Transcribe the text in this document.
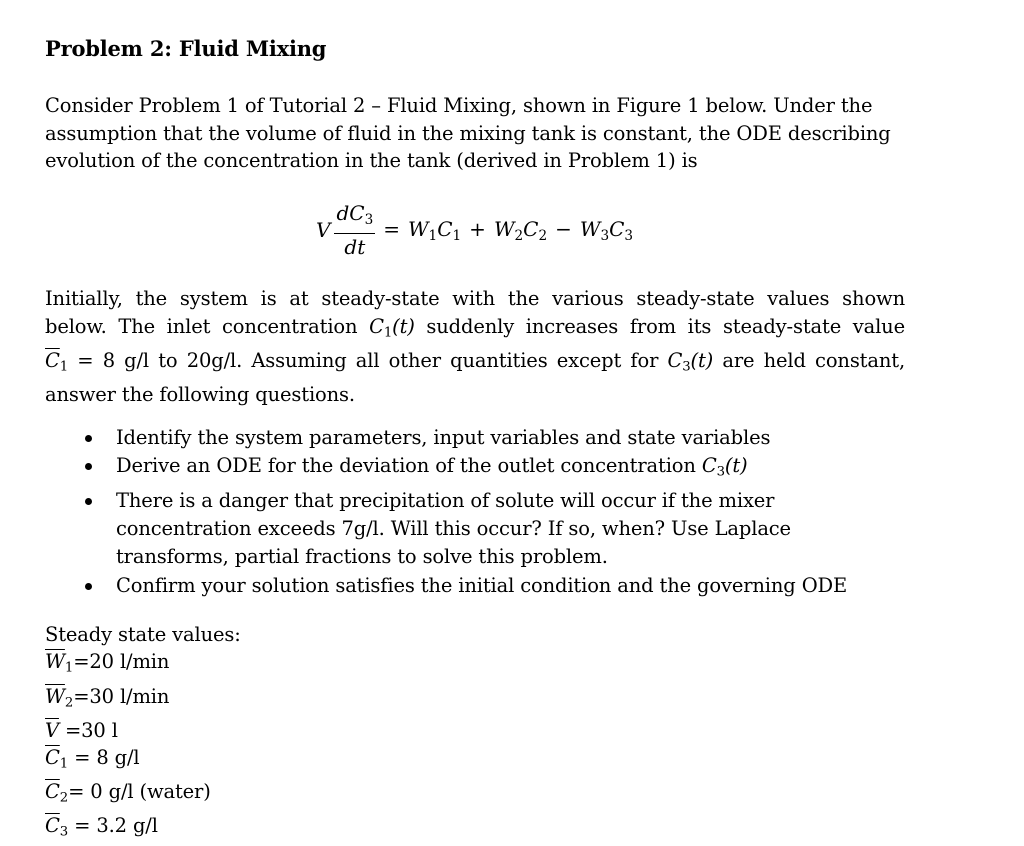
Problem 2: Fluid Mixing
Consider Problem 1 of Tutorial 2 – Fluid Mixing, shown in Figure 1 below. Under the
assumption that the volume of fluid in the mixing tank is constant, the ODE describing
evolution of the concentration in the tank (derived in Problem 1) is
V $\frac{dC_3}{dt} = W_1C_1 + W_2C_2 - W_3C_3$
Initially, the system is at steady-state with the various steady-state values shown
below. The inlet concentration $C_1(t)$ suddenly increases from its steady-state value
$\overline{C}_1 = 8$ g/l to 20g/l. Assuming all other quantities except for $C_3(t)$ are held constant,
answer the following questions.
Identify the system parameters, input variables and state variables
Derive an ODE for the deviation of the outlet concentration $C_3(t)$
There is a danger that precipitation of solute will occur if the mixer
concentration exceeds 7g/l. Will this occur? If so, when? Use Laplace
transforms, partial fractions to solve this problem.
Confirm your solution satisfies the initial condition and the governing ODE
Steady state values:
$\overline{W}_1=20$ l/min
$\overline{W}_2=30$ l/min
$\overline{V} =30$ l
$\overline{C}_1 = 8$ g/l
$\overline{C}_2= 0$ g/l (water)
$\overline{C}_3 = 3.2$ g/l
